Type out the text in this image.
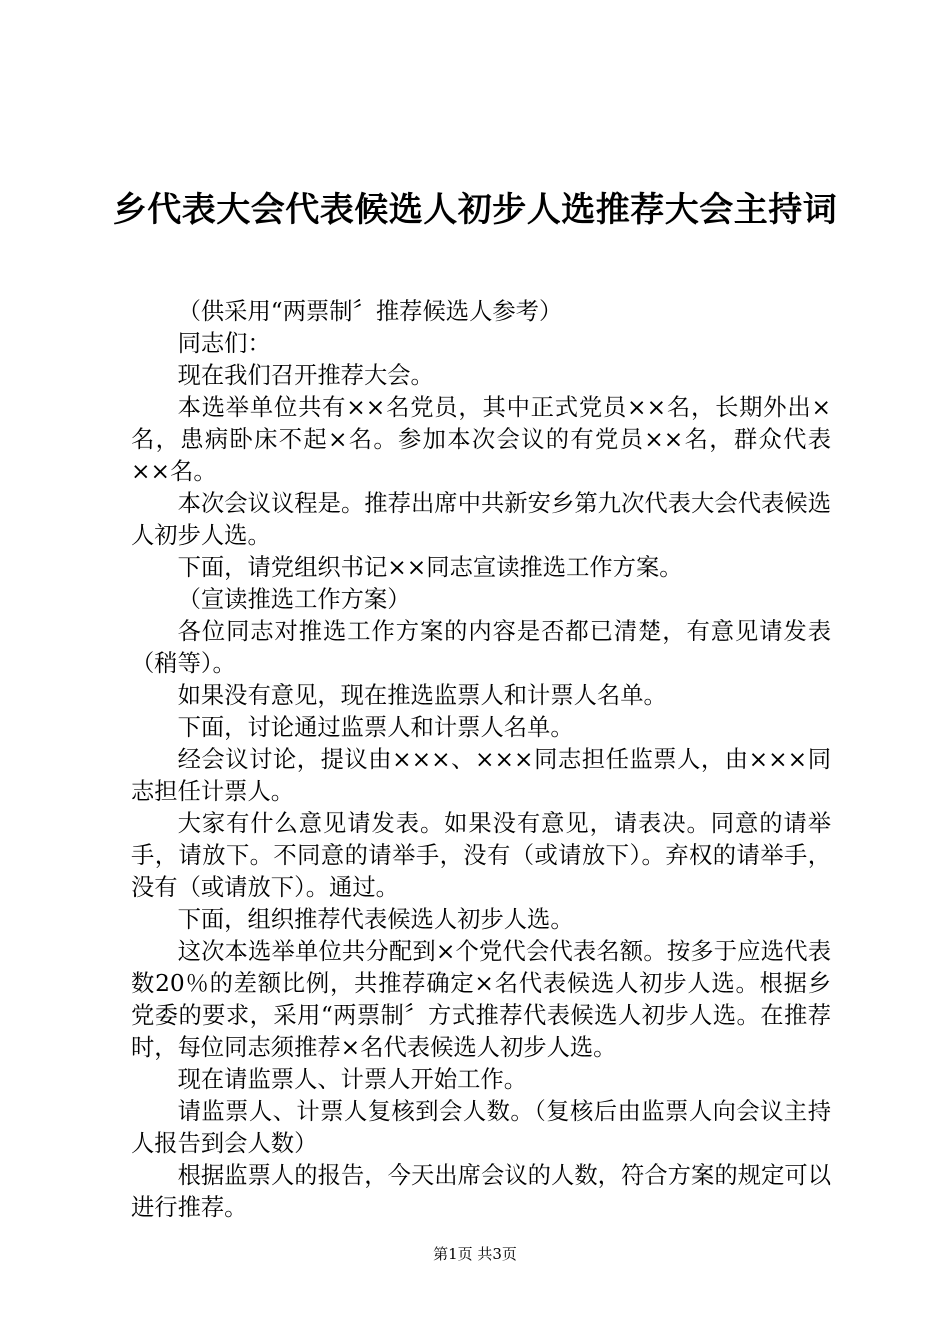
乡代表大会代表候选人初步人选推荐大会主持词

（供采用“两票制〞推荐候选人参考）

同志们：

现在我们召开推荐大会。

本选举单位共有××名党员，其中正式党员××名，长期外出×名，患病卧床不起×名。参加本次会议的有党员××名，群众代表××名。

本次会议议程是。推荐出席中共新安乡第九次代表大会代表候选人初步人选。

下面，请党组织书记××同志宣读推选工作方案。

（宣读推选工作方案）

各位同志对推选工作方案的内容是否都已清楚，有意见请发表（稍等）。

如果没有意见，现在推选监票人和计票人名单。

下面，讨论通过监票人和计票人名单。

经会议讨论，提议由×××、×××同志担任监票人，由×××同志担任计票人。

大家有什么意见请发表。如果没有意见，请表决。同意的请举手，请放下。不同意的请举手，没有（或请放下）。弃权的请举手，没有（或请放下）。通过。

下面，组织推荐代表候选人初步人选。

这次本选举单位共分配到×个党代会代表名额。按多于应选代表数20％的差额比例，共推荐确定×名代表候选人初步人选。根据乡党委的要求，采用“两票制〞方式推荐代表候选人初步人选。在推荐时，每位同志须推荐×名代表候选人初步人选。

现在请监票人、计票人开始工作。

请监票人、计票人复核到会人数。（复核后由监票人向会议主持人报告到会人数）

根据监票人的报告，今天出席会议的人数，符合方案的规定可以进行推荐。

第1页 共3页
